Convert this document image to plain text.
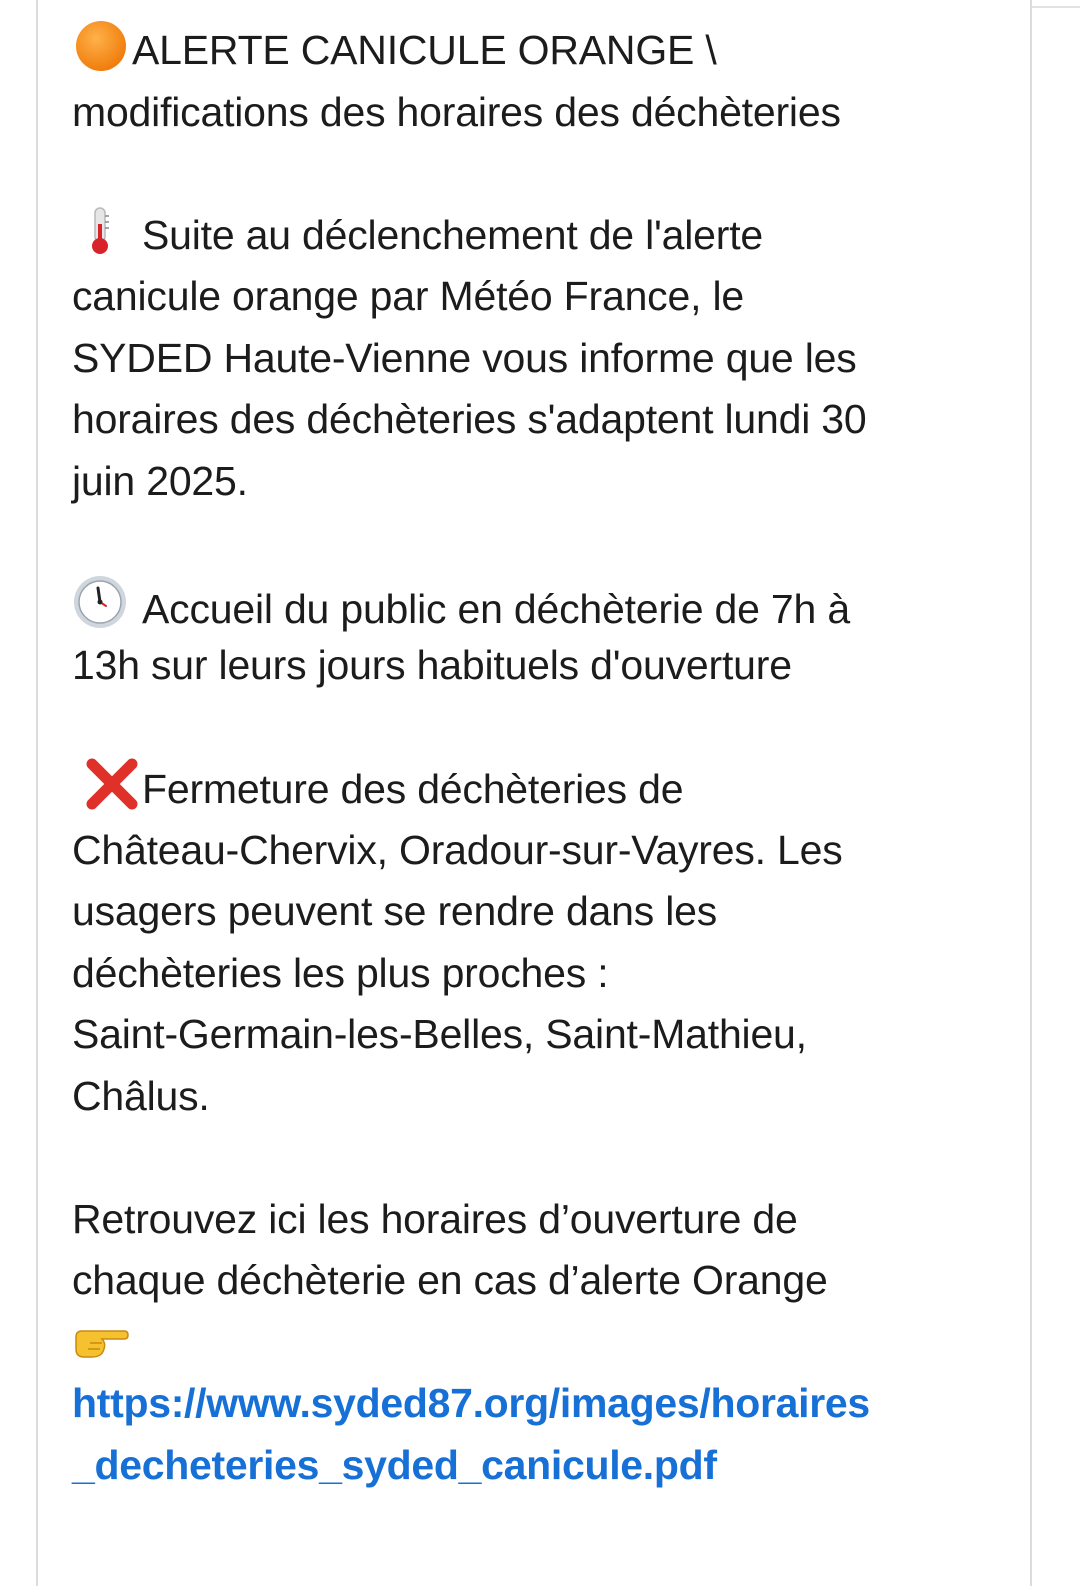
ALERTE CANICULE ORANGE \
modifications des horaires des déchèteries
Suite au déclenchement de l'alerte
canicule orange par Météo France, le
SYDED Haute-Vienne vous informe que les
horaires des déchèteries s'adaptent lundi 30
juin 2025.
Accueil du public en déchèterie de 7h à
13h sur leurs jours habituels d'ouverture
Fermeture des déchèteries de
Château-Chervix, Oradour-sur-Vayres. Les
usagers peuvent se rendre dans les
déchèteries les plus proches :
Saint-Germain-les-Belles, Saint-Mathieu,
Châlus.
Retrouvez ici les horaires d’ouverture de
chaque déchèterie en cas d’alerte Orange
https://www.syded87.org/images/horaires
_decheteries_syded_canicule.pdf
